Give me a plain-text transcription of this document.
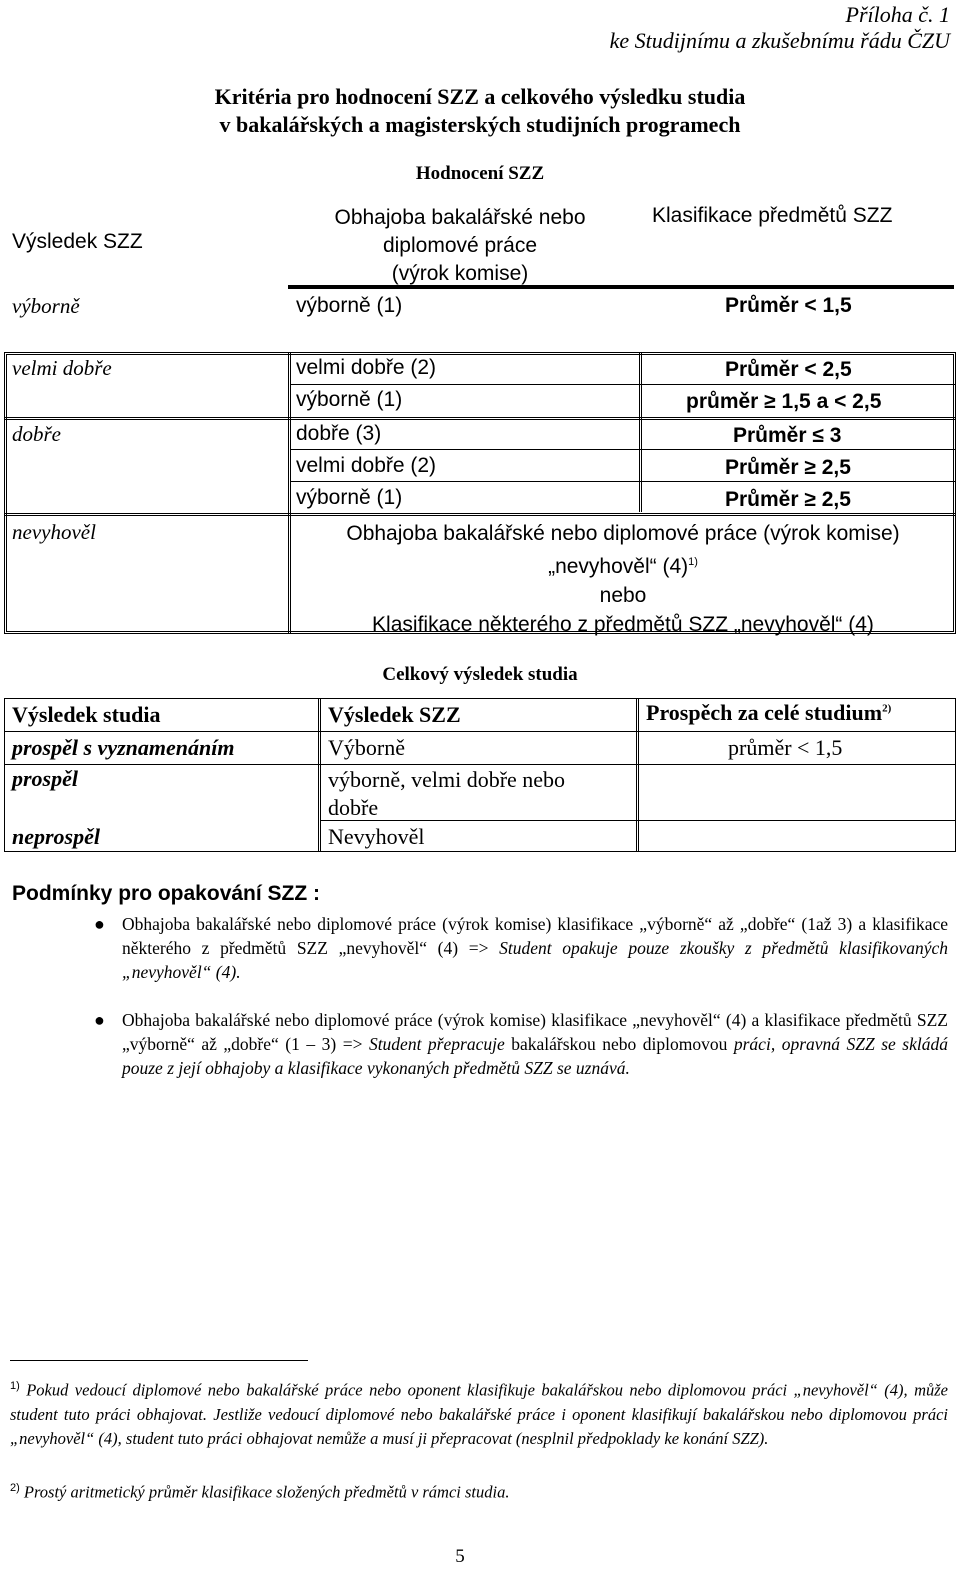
Příloha č. 1
ke Studijnímu a zkušebnímu řádu ČZU
Kritéria pro hodnocení SZZ a celkového výsledku studia
v bakalářských a magisterských studijních programech
Hodnocení SZZ
Výsledek SZZ
Obhajoba bakalářské nebo
diplomové práce
(výrok komise)
Klasifikace předmětů SZZ
výborně	výborně (1)	Průměr < 1,5
velmi dobře	velmi dobře (2)	Průměr < 2,5
výborně (1)	průměr ≥ 1,5 a < 2,5
dobře	dobře (3)	Průměr ≤ 3
velmi dobře (2)	Průměr ≥ 2,5
výborně (1)	Průměr ≥ 2,5
nevyhověl	Obhajoba bakalářské nebo diplomové práce (výrok komise)
„nevyhověl“ $(4)^{1)}$
nebo
Klasifikace některého z předmětů SZZ „nevyhověl“ (4)
Celkový výsledek studia
Výsledek studia	Výsledek SZZ	Prospěch za celé studium$^{2)}$
prospěl s vyznamenáním	Výborně	průměr < 1,5
prospěl	výborně, velmi dobře nebo
dobře
neprospěl	Nevyhověl
Podmínky pro opakování SZZ :
● Obhajoba bakalářské nebo diplomové práce (výrok komise) klasifikace „výborně“ až „dobře“ (1až 3) a klasifikace některého z předmětů SZZ „nevyhověl“ (4) => Student opakuje pouze zkoušky z předmětů klasifikovaných „nevyhověl“ (4).
● Obhajoba bakalářské nebo diplomové práce (výrok komise) klasifikace „nevyhověl“ (4) a klasifikace předmětů SZZ „výborně“ až „dobře“ (1 – 3) => Student přepracuje bakalářskou nebo diplomovou práci, opravná SZZ se skládá pouze z její obhajoby a klasifikace vykonaných předmětů SZZ se uznává.
$^{1)}$ Pokud vedoucí diplomové nebo bakalářské práce nebo oponent klasifikuje bakalářskou nebo diplomovou práci „nevyhověl“ (4), může student tuto práci obhajovat. Jestliže vedoucí diplomové nebo bakalářské práce i oponent klasifikují bakalářskou nebo diplomovou práci „nevyhověl“ (4), student tuto práci obhajovat nemůže a musí ji přepracovat (nesplnil předpoklady ke konání SZZ).
$^{2)}$ Prostý aritmetický průměr klasifikace složených předmětů v rámci studia.
5
